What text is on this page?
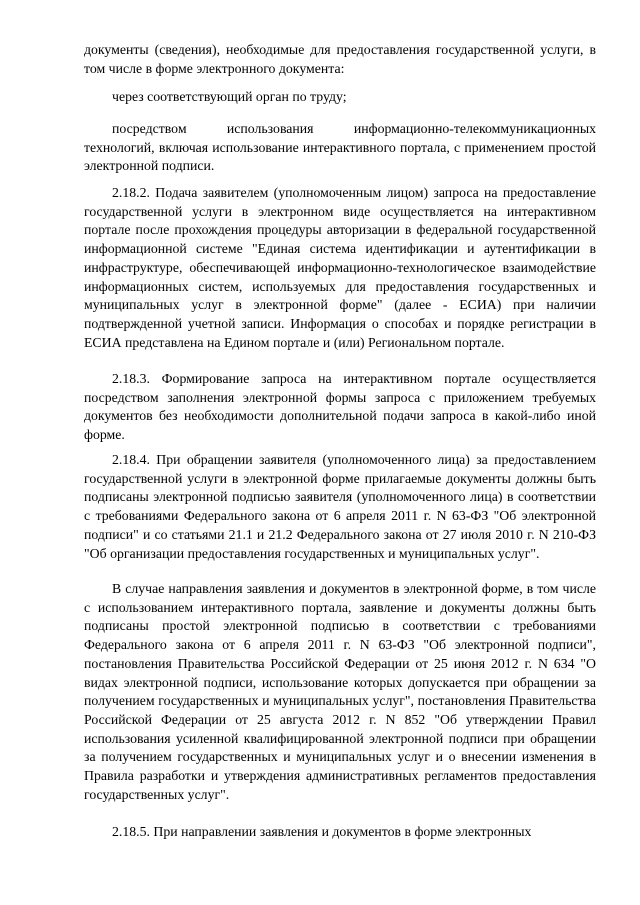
документы (сведения), необходимые для предоставления государственной услуги, в том числе в форме электронного документа:

через соответствующий орган по труду;

посредством использования информационно-телекоммуникационных технологий, включая использование интерактивного портала, с применением простой электронной подписи.

2.18.2. Подача заявителем (уполномоченным лицом) запроса на предоставление государственной услуги в электронном виде осуществляется на интерактивном портале после прохождения процедуры авторизации в федеральной государственной информационной системе "Единая система идентификации и аутентификации в инфраструктуре, обеспечивающей информационно-технологическое взаимодействие информационных систем, используемых для предоставления государственных и муниципальных услуг в электронной форме" (далее - ЕСИА) при наличии подтвержденной учетной записи. Информация о способах и порядке регистрации в ЕСИА представлена на Едином портале и (или) Региональном портале.

2.18.3. Формирование запроса на интерактивном портале осуществляется посредством заполнения электронной формы запроса с приложением требуемых документов без необходимости дополнительной подачи запроса в какой-либо иной форме.

2.18.4. При обращении заявителя (уполномоченного лица) за предоставлением государственной услуги в электронной форме прилагаемые документы должны быть подписаны электронной подписью заявителя (уполномоченного лица) в соответствии с требованиями Федерального закона от 6 апреля 2011 г. N 63-ФЗ "Об электронной подписи" и со статьями 21.1 и 21.2 Федерального закона от 27 июля 2010 г. N 210-ФЗ "Об организации предоставления государственных и муниципальных услуг".

В случае направления заявления и документов в электронной форме, в том числе с использованием интерактивного портала, заявление и документы должны быть подписаны простой электронной подписью в соответствии с требованиями Федерального закона от 6 апреля 2011 г. N 63-ФЗ "Об электронной подписи", постановления Правительства Российской Федерации от 25 июня 2012 г. N 634 "О видах электронной подписи, использование которых допускается при обращении за получением государственных и муниципальных услуг", постановления Правительства Российской Федерации от 25 августа 2012 г. N 852 "Об утверждении Правил использования усиленной квалифицированной электронной подписи при обращении за получением государственных и муниципальных услуг и о внесении изменения в Правила разработки и утверждения административных регламентов предоставления государственных услуг".

2.18.5. При направлении заявления и документов в форме электронных
